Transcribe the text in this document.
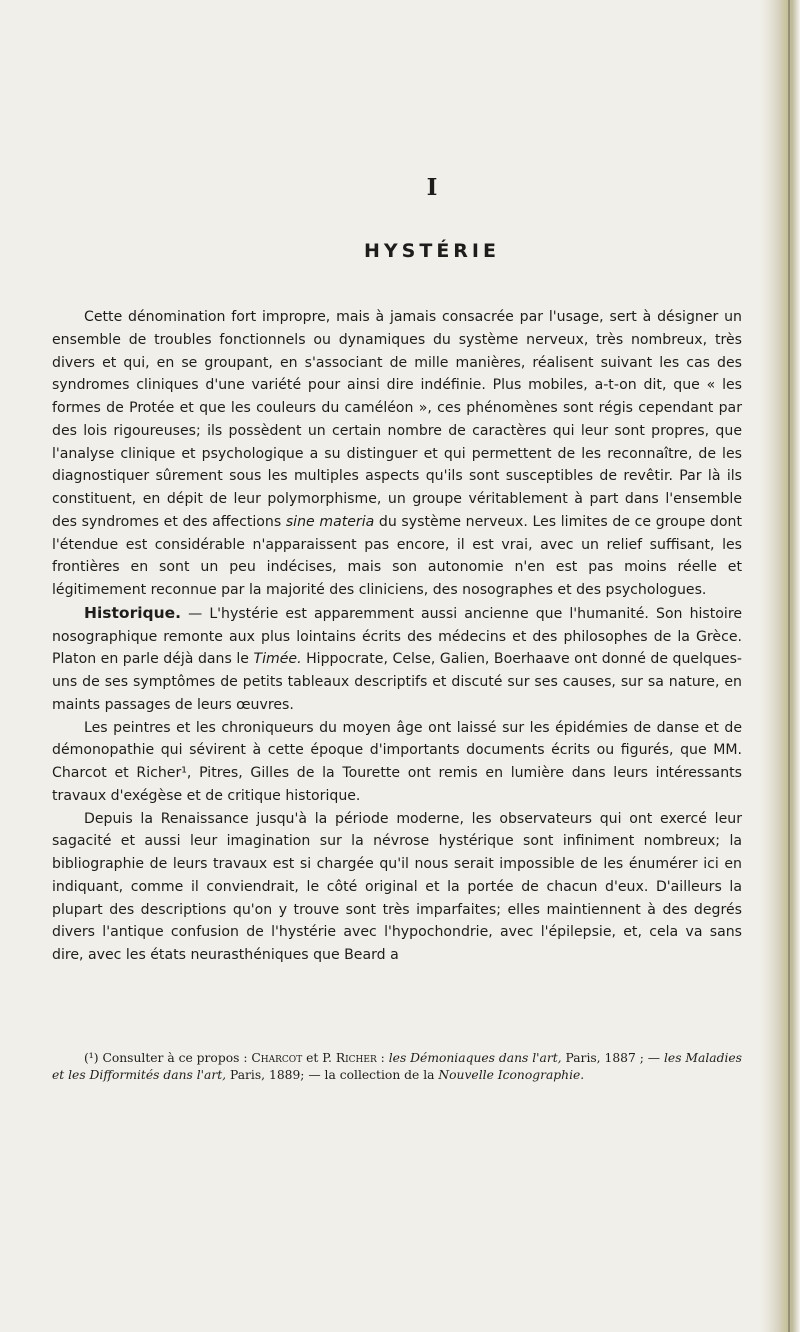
I
HYSTÉRIE

Cette dénomination fort impropre, mais à jamais consacrée par l'usage, sert à désigner un ensemble de troubles fonctionnels ou dynamiques du système nerveux, très nombreux, très divers et qui, en se groupant, en s'associant de mille manières, réalisent suivant les cas des syndromes cliniques d'une variété pour ainsi dire indéfinie. Plus mobiles, a-t-on dit, que « les formes de Protée et que les couleurs du caméléon », ces phénomènes sont régis cependant par des lois rigoureuses; ils possèdent un certain nombre de caractères qui leur sont propres, que l'analyse clinique et psychologique a su distinguer et qui permettent de les reconnaître, de les diagnostiquer sûrement sous les multiples aspects qu'ils sont susceptibles de revêtir. Par là ils constituent, en dépit de leur polymorphisme, un groupe véritablement à part dans l'ensemble des syndromes et des affections sine materia du système nerveux. Les limites de ce groupe dont l'étendue est considérable n'apparaissent pas encore, il est vrai, avec un relief suffisant, les frontières en sont un peu indécises, mais son autonomie n'en est pas moins réelle et légitimement reconnue par la majorité des cliniciens, des nosographes et des psychologues.

Historique. — L'hystérie est apparemment aussi ancienne que l'humanité. Son histoire nosographique remonte aux plus lointains écrits des médecins et des philosophes de la Grèce. Platon en parle déjà dans le Timée. Hippocrate, Celse, Galien, Boerhaave ont donné de quelques-uns de ses symptômes de petits tableaux descriptifs et discuté sur ses causes, sur sa nature, en maints passages de leurs œuvres.

Les peintres et les chroniqueurs du moyen âge ont laissé sur les épidémies de danse et de démonopathie qui sévirent à cette époque d'importants documents écrits ou figurés, que MM. Charcot et Richer¹, Pitres, Gilles de la Tourette ont remis en lumière dans leurs intéressants travaux d'exégèse et de critique historique.

Depuis la Renaissance jusqu'à la période moderne, les observateurs qui ont exercé leur sagacité et aussi leur imagination sur la névrose hystérique sont infiniment nombreux; la bibliographie de leurs travaux est si chargée qu'il nous serait impossible de les énumérer ici en indiquant, comme il conviendrait, le côté original et la portée de chacun d'eux. D'ailleurs la plupart des descriptions qu'on y trouve sont très imparfaites; elles maintiennent à des degrés divers l'antique confusion de l'hystérie avec l'hypochondrie, avec l'épilepsie, et, cela va sans dire, avec les états neurasthéniques que Beard a

(¹) Consulter à ce propos : Charcot et P. Richer : les Démoniaques dans l'art, Paris, 1887 ; — les Maladies et les Difformités dans l'art, Paris, 1889; — la collection de la Nouvelle Iconographie.
